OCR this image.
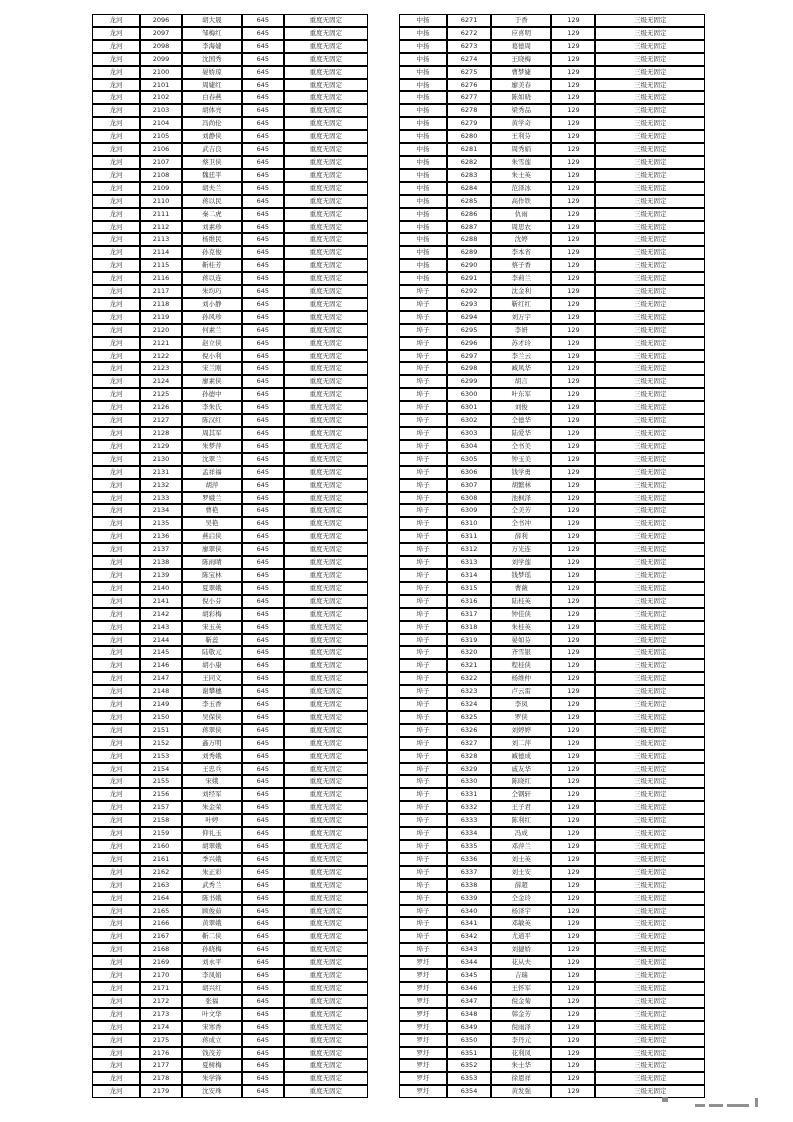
龙河	2096	胡大晟	645	重度无固定
龙河	2097	邹梅红	645	重度无固定
龙河	2098	李海婕	645	重度无固定
龙河	2099	沈国秀	645	重度无固定
龙河	2100	晏娇琼	645	重度无固定
龙河	2101	周婕红	645	重度无固定
龙河	2102	白春燕	645	重度无固定
龙河	2103	胡体亮	645	重度无固定
龙河	2104	冯尚伦	645	重度无固定
龙河	2105	刘静侠	645	重度无固定
龙河	2106	武吉良	645	重度无固定
龙河	2107	蔡卫侠	645	重度无固定
龙河	2108	魏廷平	645	重度无固定
龙河	2109	胡夫兰	645	重度无固定
龙河	2110	蒋以民	645	重度无固定
龙河	2111	秦二虎	645	重度无固定
龙河	2112	刘素珍	645	重度无固定
龙河	2113	杨维民	645	重度无固定
龙河	2114	孙克俊	645	重度无固定
龙河	2115	靳桂芳	645	重度无固定
龙河	2116	蒋以连	645	重度无固定
龙河	2117	朱均巧	645	重度无固定
龙河	2118	刘小静	645	重度无固定
龙河	2119	孙风珍	645	重度无固定
龙河	2120	何素兰	645	重度无固定
龙河	2121	赵立侠	645	重度无固定
龙河	2122	倪小利	645	重度无固定
龙河	2123	宋兰刚	645	重度无固定
龙河	2124	廖素侠	645	重度无固定
龙河	2125	孙德中	645	重度无固定
龙河	2126	李朱氏	645	重度无固定
龙河	2127	陈汉红	645	重度无固定
龙河	2128	周其军	645	重度无固定
龙河	2129	朱梦萍	645	重度无固定
龙河	2130	沈翠兰	645	重度无固定
龙河	2131	孟祥福	645	重度无固定
龙河	2132	胡萍	645	重度无固定
龙河	2133	罗娥兰	645	重度无固定
龙河	2134	曹艳	645	重度无固定
龙河	2135	吴艳	645	重度无固定
龙河	2136	燕启侠	645	重度无固定
龙河	2137	廖翠侠	645	重度无固定
龙河	2138	陈雨晴	645	重度无固定
龙河	2139	陈宝林	645	重度无固定
龙河	2140	夏翠娥	645	重度无固定
龙河	2141	倪小芬	645	重度无固定
龙河	2142	胡彩梅	645	重度无固定
龙河	2143	宋玉英	645	重度无固定
龙河	2144	靳蕊	645	重度无固定
龙河	2145	陆敬元	645	重度无固定
龙河	2146	胡小康	645	重度无固定
龙河	2147	王同义	645	重度无固定
龙河	2148	谢攀穗	645	重度无固定
龙河	2149	李玉香	645	重度无固定
龙河	2150	吴保侠	645	重度无固定
龙河	2151	蒋翠侠	645	重度无固定
龙河	2152	鑫万明	645	重度无固定
龙河	2153	刘秀娥	645	重度无固定
龙河	2154	王忠兵	645	重度无固定
龙河	2155	宋娥	645	重度无固定
龙河	2156	刘经军	645	重度无固定
龙河	2157	朱金荣	645	重度无固定
龙河	2158	叶婷	645	重度无固定
龙河	2159	仰礼玉	645	重度无固定
龙河	2160	胡翠娥	645	重度无固定
龙河	2161	季兴娥	645	重度无固定
龙河	2162	朱正彩	645	重度无固定
龙河	2163	武秀兰	645	重度无固定
龙河	2164	陈书娥	645	重度无固定
龙河	2165	顾俊茹	645	重度无固定
龙河	2166	黄翠娥	645	重度无固定
龙河	2167	靳二侠	645	重度无固定
龙河	2168	孙晓梅	645	重度无固定
龙河	2169	刘永平	645	重度无固定
龙河	2170	李凤娟	645	重度无固定
龙河	2171	胡兴红	645	重度无固定
龙河	2172	张福	645	重度无固定
龙河	2173	叶文华	645	重度无固定
龙河	2174	宋寒香	645	重度无固定
龙河	2175	蒋成立	645	重度无固定
龙河	2176	钱茂芳	645	重度无固定
龙河	2177	夏树梅	645	重度无固定
龙河	2178	朱学锋	645	重度无固定
龙河	2179	沈安珠	645	重度无固定
中扬	6271	于香	129	三级无固定
中扬	6272	应喜明	129	三级无固定
中扬	6273	葛德周	129	三级无固定
中扬	6274	王晓梅	129	三级无固定
中扬	6275	曹梦婕	129	三级无固定
中扬	6276	廖美春	129	三级无固定
中扬	6277	陈如晓	129	三级无固定
中扬	6278	梁秀品	129	三级无固定
中扬	6279	黄学奇	129	三级无固定
中扬	6280	王利芬	129	三级无固定
中扬	6281	周秀娟	129	三级无固定
中扬	6282	朱雪莲	129	三级无固定
中扬	6283	朱士英	129	三级无固定
中扬	6284	范泽冰	129	三级无固定
中扬	6285	高作铁	129	三级无固定
中扬	6286	仇雨	129	三级无固定
中扬	6287	周思农	129	三级无固定
中扬	6288	沈婷	129	三级无固定
中扬	6289	李本省	129	三级无固定
中扬	6290	蔡子香	129	三级无固定
中扬	6291	李莉兰	129	三级无固定
埠子	6292	沈金利	129	三级无固定
埠子	6293	靳红红	129	三级无固定
埠子	6294	刘万宇	129	三级无固定
埠子	6295	李妍	129	三级无固定
埠子	6296	苏才玲	129	三级无固定
埠子	6297	李兰云	129	三级无固定
埠子	6298	臧风华	129	三级无固定
埠子	6299	胡言	129	三级无固定
埠子	6300	叶东军	129	三级无固定
埠子	6301	刘俊	129	三级无固定
埠子	6302	仝德华	129	三级无固定
埠子	6303	陆爱华	129	三级无固定
埠子	6304	仝书美	129	三级无固定
埠子	6305	钟玉美	129	三级无固定
埠子	6306	钱学勇	129	三级无固定
埠子	6307	胡繁林	129	三级无固定
埠子	6308	池枫泽	129	三级无固定
埠子	6309	仝美芳	129	三级无固定
埠子	6310	仝书冲	129	三级无固定
埠子	6311	薛利	129	三级无固定
埠子	6312	万光连	129	三级无固定
埠子	6313	刘学莲	129	三级无固定
埠子	6314	钱梦瑶	129	三级无固定
埠子	6315	曹薇	129	三级无固定
埠子	6316	陆桂英	129	三级无固定
埠子	6317	钟佳侠	129	三级无固定
埠子	6318	朱桂英	129	三级无固定
埠子	6319	晏如芬	129	三级无固定
埠子	6320	齐雪银	129	三级无固定
埠子	6321	程桂侠	129	三级无固定
埠子	6322	杨维仲	129	三级无固定
埠子	6323	卢云雷	129	三级无固定
埠子	6324	李凤	129	三级无固定
埠子	6325	罗侠	129	三级无固定
埠子	6326	刘婷婷	129	三级无固定
埠子	6327	刘二萍	129	三级无固定
埠子	6328	臧德成	129	三级无固定
埠子	6329	戚友华	129	三级无固定
埠子	6330	陈晓红	129	三级无固定
埠子	6331	仝钢轩	129	三级无固定
埠子	6332	王子君	129	三级无固定
埠子	6333	陈利红	129	三级无固定
埠子	6334	冯成	129	三级无固定
埠子	6335	邓萍兰	129	三级无固定
埠子	6336	刘士英	129	三级无固定
埠子	6337	刘士安	129	三级无固定
埠子	6338	薛超	129	三级无固定
埠子	6339	仝金玲	129	三级无固定
埠子	6340	杨泽宇	129	三级无固定
埠子	6341	邓敏英	129	三级无固定
埠子	6342	尤道平	129	三级无固定
埠子	6343	刘捷娇	129	三级无固定
罗圩	6344	花从夫	129	三级无固定
罗圩	6345	吉瑞	129	三级无固定
罗圩	6346	王怀军	129	三级无固定
罗圩	6347	倪金菊	129	三级无固定
罗圩	6348	韩金芳	129	三级无固定
罗圩	6349	倪雨泽	129	三级无固定
罗圩	6350	李丹元	129	三级无固定
罗圩	6351	花利凤	129	三级无固定
罗圩	6352	朱士华	129	三级无固定
罗圩	6353	徐恩祥	129	三级无固定
罗圩	6354	黄发强	129	三级无固定
